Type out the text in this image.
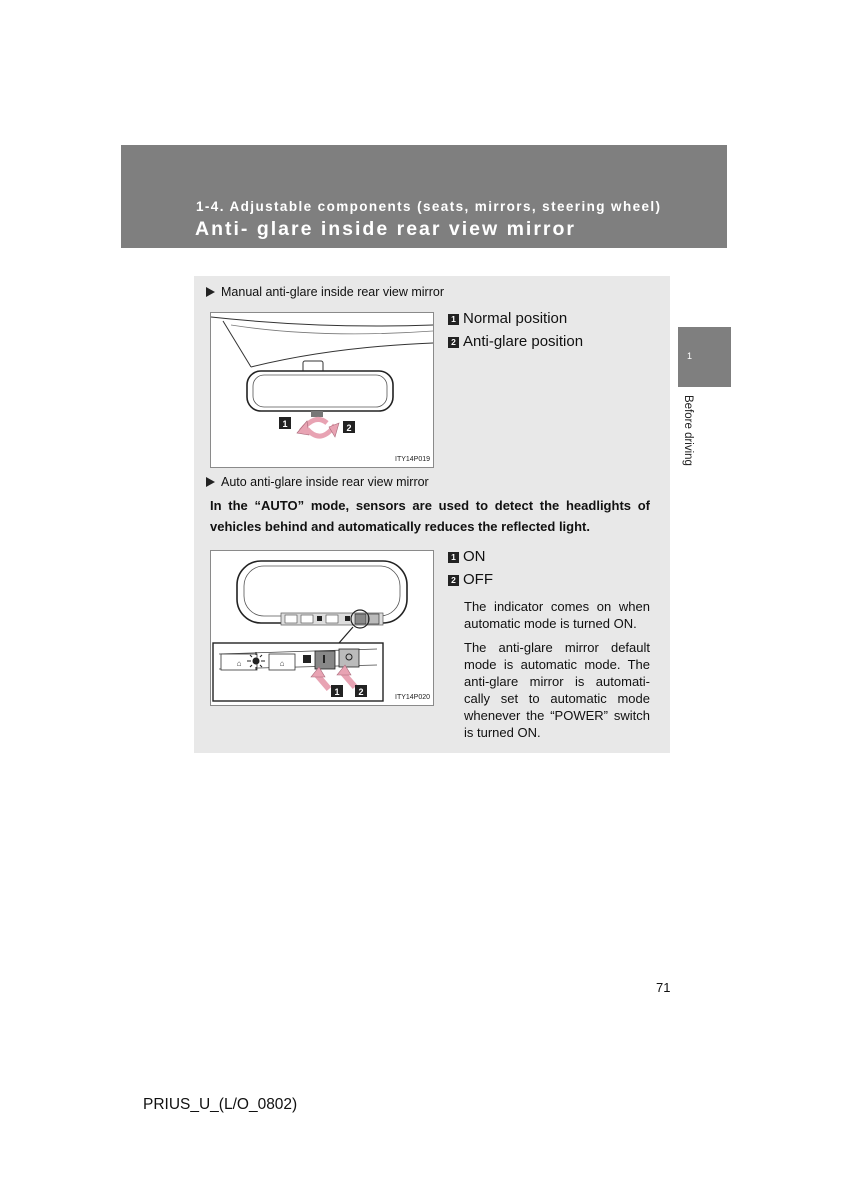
1-4. Adjustable components (seats, mirrors, steering wheel)
Anti- glare inside rear view mirror
1
Before driving
Manual anti-glare inside rear view mirror
1	2
ITY14P019
1 Normal position
2 Anti-glare position
Auto anti-glare inside rear view mirror
In the “AUTO” mode, sensors are used to detect the headlights of vehicles behind and automatically reduces the reflected light.
⌂	⌂
1 2
ITY14P020
1 ON
2 OFF
The indicator comes on when automatic mode is turned ON.
The anti-glare mirror default mode is automatic mode. The anti-glare mirror is automati-cally set to automatic mode whenever the “POWER” switch is turned ON.
71
PRIUS_U_(L/O_0802)
